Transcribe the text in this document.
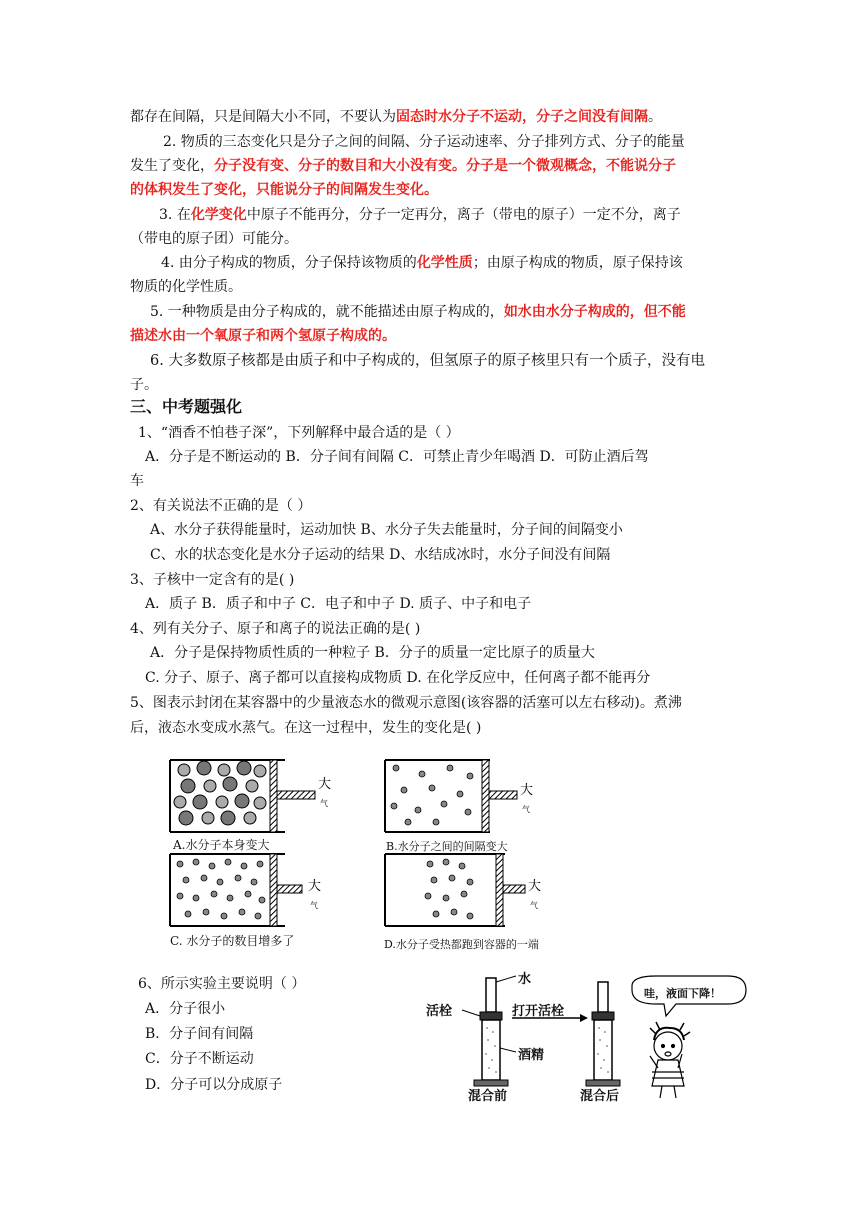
都存在间隔，只是间隔大小不同，不要认为固态时水分子不运动，分子之间没有间隔。
2. 物质的三态变化只是分子之间的间隔、分子运动速率、分子排列方式、分子的能量
发生了变化，分子没有变、分子的数目和大小没有变。分子是一个微观概念，不能说分子
的体积发生了变化，只能说分子的间隔发生变化。
3. 在化学变化中原子不能再分，分子一定再分，离子（带电的原子）一定不分，离子
（带电的原子团）可能分。
4. 由分子构成的物质，分子保持该物质的化学性质；由原子构成的物质，原子保持该
物质的化学性质。
5. 一种物质是由分子构成的，就不能描述由原子构成的，如水由水分子构成的，但不能
描述水由一个氧原子和两个氢原子构成的。
6. 大多数原子核都是由质子和中子构成的，但氢原子的原子核里只有一个质子，没有电
子。
三、中考题强化
1、“酒香不怕巷子深”，下列解释中最合适的是（ ）
A．分子是不断运动的 B．分子间有间隔 C．可禁止青少年喝酒 D．可防止酒后驾
车
2、有关说法不正确的是（ ）
A、水分子获得能量时，运动加快 B、水分子失去能量时，分子间的间隔变小
C、水的状态变化是水分子运动的结果 D、水结成冰时，水分子间没有间隔
3、子核中一定含有的是( )
A．质子 B．质子和中子 C．电子和中子 D. 质子、中子和电子
4、列有关分子、原子和离子的说法正确的是( )
A．分子是保持物质性质的一种粒子 B．分子的质量一定比原子的质量大
C. 分子、原子、离子都可以直接构成物质 D. 在化学反应中，任何离子都不能再分
5、图表示封闭在某容器中的少量液态水的微观示意图(该容器的活塞可以左右移动)。煮沸
后，液态水变成水蒸气。在这一过程中，发生的变化是( )
大
气
大
气
大
气
大
气
A.水分子本身变大	B.水分子之间的间隔变大
C. 水分子的数目增多了	D.水分子受热都跑到容器的一端
6、所示实验主要说明（ ）
A．分子很小
B．分子间有间隔
C．分子不断运动
D．分子可以分成原子
水
活栓	打开活栓
酒精
混合前	混合后
哇，液面下降！
